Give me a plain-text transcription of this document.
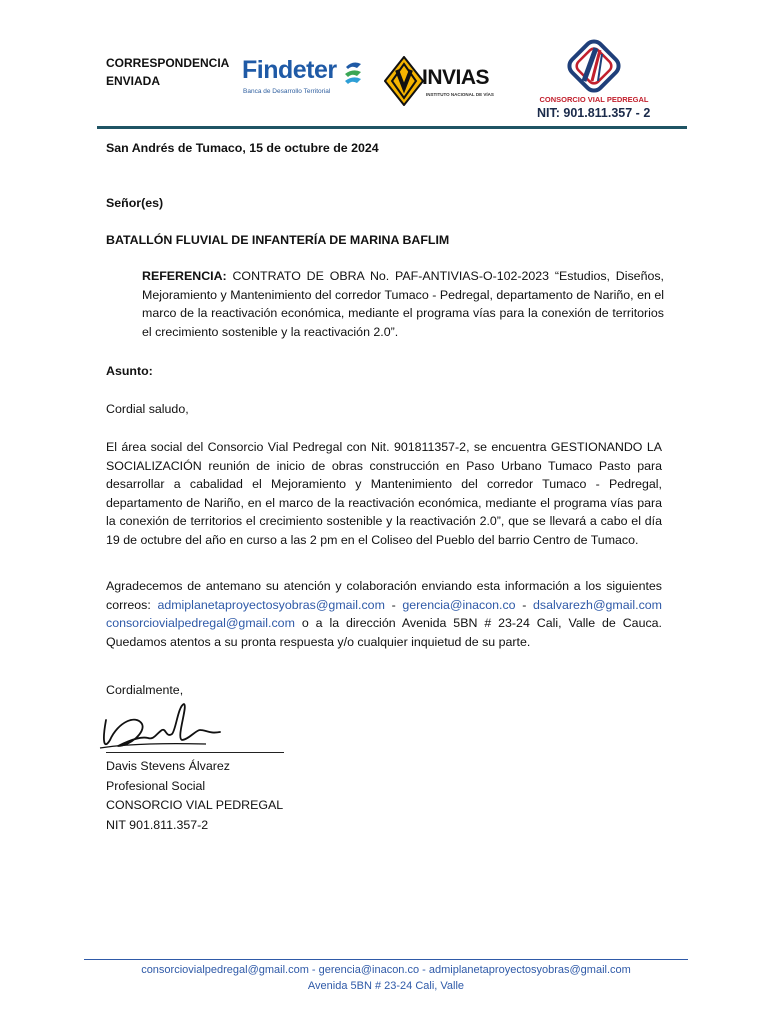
CORRESPONDENCIA
ENVIADA	Findeter
Banca de Desarrollo Territorial
INVIAS
INSTITUTO NACIONAL DE VÍAS
CONSORCIO VIAL PEDREGAL
NIT: 901.811.357 - 2
San Andrés de Tumaco, 15 de octubre de 2024
Señor(es)
BATALLÓN FLUVIAL DE INFANTERÍA DE MARINA BAFLIM
REFERENCIA: CONTRATO DE OBRA No. PAF-ANTIVIAS-O-102-2023 “Estudios, Diseños, Mejoramiento y Mantenimiento del corredor Tumaco - Pedregal, departamento de Nariño, en el marco de la reactivación económica, mediante el programa vías para la conexión de territorios el crecimiento sostenible y la reactivación 2.0”.
Asunto:
Cordial saludo,
El área social del Consorcio Vial Pedregal con Nit. 901811357-2, se encuentra GESTIONANDO LA SOCIALIZACIÓN reunión de inicio de obras construcción en Paso Urbano Tumaco Pasto para desarrollar a cabalidad el Mejoramiento y Mantenimiento del corredor Tumaco - Pedregal, departamento de Nariño, en el marco de la reactivación económica, mediante el programa vías para la conexión de territorios el crecimiento sostenible y la reactivación 2.0”, que se llevará a cabo el día 19 de octubre del año en curso a las 2 pm en el Coliseo del Pueblo del barrio Centro de Tumaco.
Agradecemos de antemano su atención y colaboración enviando esta información a los siguientes correos: admiplanetaproyectosyobras@gmail.com - gerencia@inacon.co - dsalvarezh@gmail.com consorciovialpedregal@gmail.com o a la dirección Avenida 5BN # 23-24 Cali, Valle de Cauca. Quedamos atentos a su pronta respuesta y/o cualquier inquietud de su parte.
Cordialmente,
Davis Stevens Álvarez
Profesional Social
CONSORCIO VIAL PEDREGAL
NIT 901.811.357-2
consorciovialpedregal@gmail.com - gerencia@inacon.co - admiplanetaproyectosyobras@gmail.com
Avenida 5BN # 23-24 Cali, Valle
